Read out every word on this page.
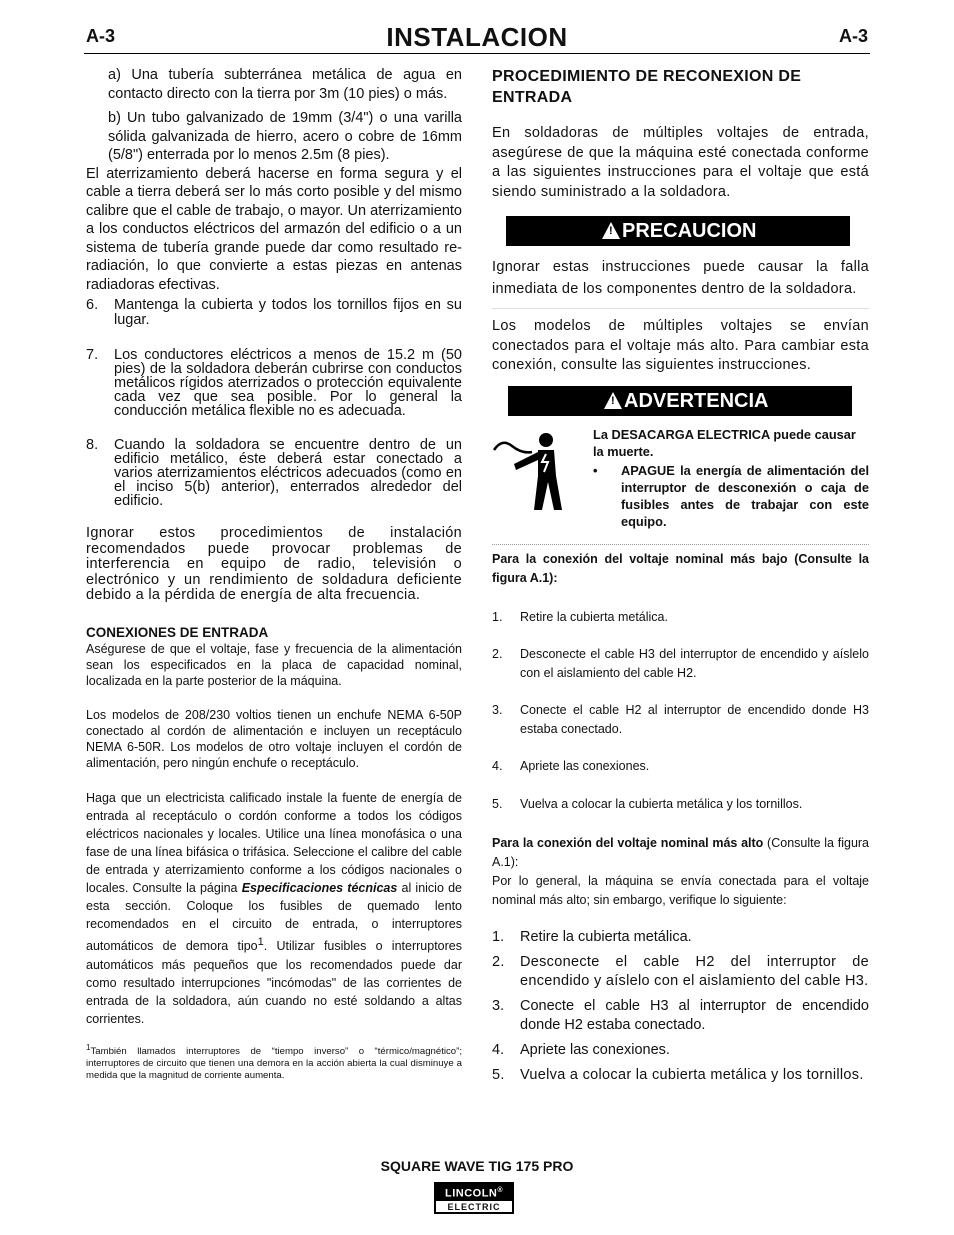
A-3	INSTALACION	A-3

a) Una tubería subterránea metálica de agua en contacto directo con la tierra por 3m (10 pies) o más.

b) Un tubo galvanizado de 19mm (3/4") o una varilla sólida galvanizada de hierro, acero o cobre de 16mm (5/8") enterrada por lo menos 2.5m (8 pies).

El aterrizamiento deberá hacerse en forma segura y el cable a tierra deberá ser lo más corto posible y del mismo calibre que el cable de trabajo, o mayor. Un aterrizamiento a los conductos eléctricos del armazón del edificio o a un sistema de tubería grande puede dar como resultado re-radiación, lo que convierte a estas piezas en antenas radiadoras efectivas.

6. Mantenga la cubierta y todos los tornillos fijos en su lugar.
7. Los conductores eléctricos a menos de 15.2 m (50 pies) de la soldadora deberán cubrirse con conductos metálicos rígidos aterrizados o protección equivalente cada vez que sea posible. Por lo general la conducción metálica flexible no es adecuada.
8. Cuando la soldadora se encuentre dentro de un edificio metálico, éste deberá estar conectado a varios aterrizamientos eléctricos adecuados (como en el inciso 5(b) anterior), enterrados alrededor del edificio.

Ignorar estos procedimientos de instalación recomendados puede provocar problemas de interferencia en equipo de radio, televisión o electrónico y un rendimiento de soldadura deficiente debido a la pérdida de energía de alta frecuencia.

CONEXIONES DE ENTRADA

Aségurese de que el voltaje, fase y frecuencia de la alimentación sean los especificados en la placa de capacidad nominal, localizada en la parte posterior de la máquina.

Los modelos de 208/230 voltios tienen un enchufe NEMA 6-50P conectado al cordón de alimentación e incluyen un receptáculo NEMA 6-50R. Los modelos de otro voltaje incluyen el cordón de alimentación, pero ningún enchufe o receptáculo.

Haga que un electricista calificado instale la fuente de energía de entrada al receptáculo o cordón conforme a todos los códigos eléctricos nacionales y locales. Utilice una línea monofásica o una fase de una línea bifásica o trifásica. Seleccione el calibre del cable de entrada y aterrizamiento conforme a los códigos nacionales o locales. Consulte la página Especificaciones técnicas al inicio de esta sección. Coloque los fusibles de quemado lento recomendados en el circuito de entrada, o interruptores automáticos de demora tipo$^1$. Utilizar fusibles o interruptores automáticos más pequeños que los recomendados puede dar como resultado interrupciones "incómodas" de las corrientes de entrada de la soldadora, aún cuando no esté soldando a altas corrientes.

$^1$También llamados interruptores de “tiempo inverso” o “térmico/magnético”; interruptores de circuito que tienen una demora en la acción abierta la cual disminuye a medida que la magnitud de corriente aumenta.

PROCEDIMIENTO DE RECONEXION DE ENTRADA

En soldadoras de múltiples voltajes de entrada, asegúrese de que la máquina esté conectada conforme a las siguientes instrucciones para el voltaje que está siendo suministrado a la soldadora.

! PRECAUCION

Ignorar estas instrucciones puede causar la falla inmediata de los componentes dentro de la soldadora.

Los modelos de múltiples voltajes se envían conectados para el voltaje más alto. Para cambiar esta conexión, consulte las siguientes instrucciones.

! ADVERTENCIA

La DESACARGA ELECTRICA puede causar la muerte.

• APAGUE la energía de alimentación del interruptor de desconexión o caja de fusibles antes de trabajar con este equipo.

Para la conexión del voltaje nominal más bajo (Consulte la figura A.1):

1. Retire la cubierta metálica.
2. Desconecte el cable H3 del interruptor de encendido y aíslelo con el aislamiento del cable H2.
3. Conecte el cable H2 al interruptor de encendido donde H3 estaba conectado.
4. Apriete las conexiones.
5. Vuelva a colocar la cubierta metálica y los tornillos.

Para la conexión del voltaje nominal más alto (Consulte la figura A.1):

Por lo general, la máquina se envía conectada para el voltaje nominal más alto; sin embargo, verifique lo siguiente:

1. Retire la cubierta metálica.
2. Desconecte el cable H2 del interruptor de encendido y aíslelo con el aislamiento del cable H3.
3. Conecte el cable H3 al interruptor de encendido donde H2 estaba conectado.
4. Apriete las conexiones.
5. Vuelva a colocar la cubierta metálica y los tornillos.
SQUARE WAVE TIG 175 PRO
LINCOLN®
ELECTRIC
